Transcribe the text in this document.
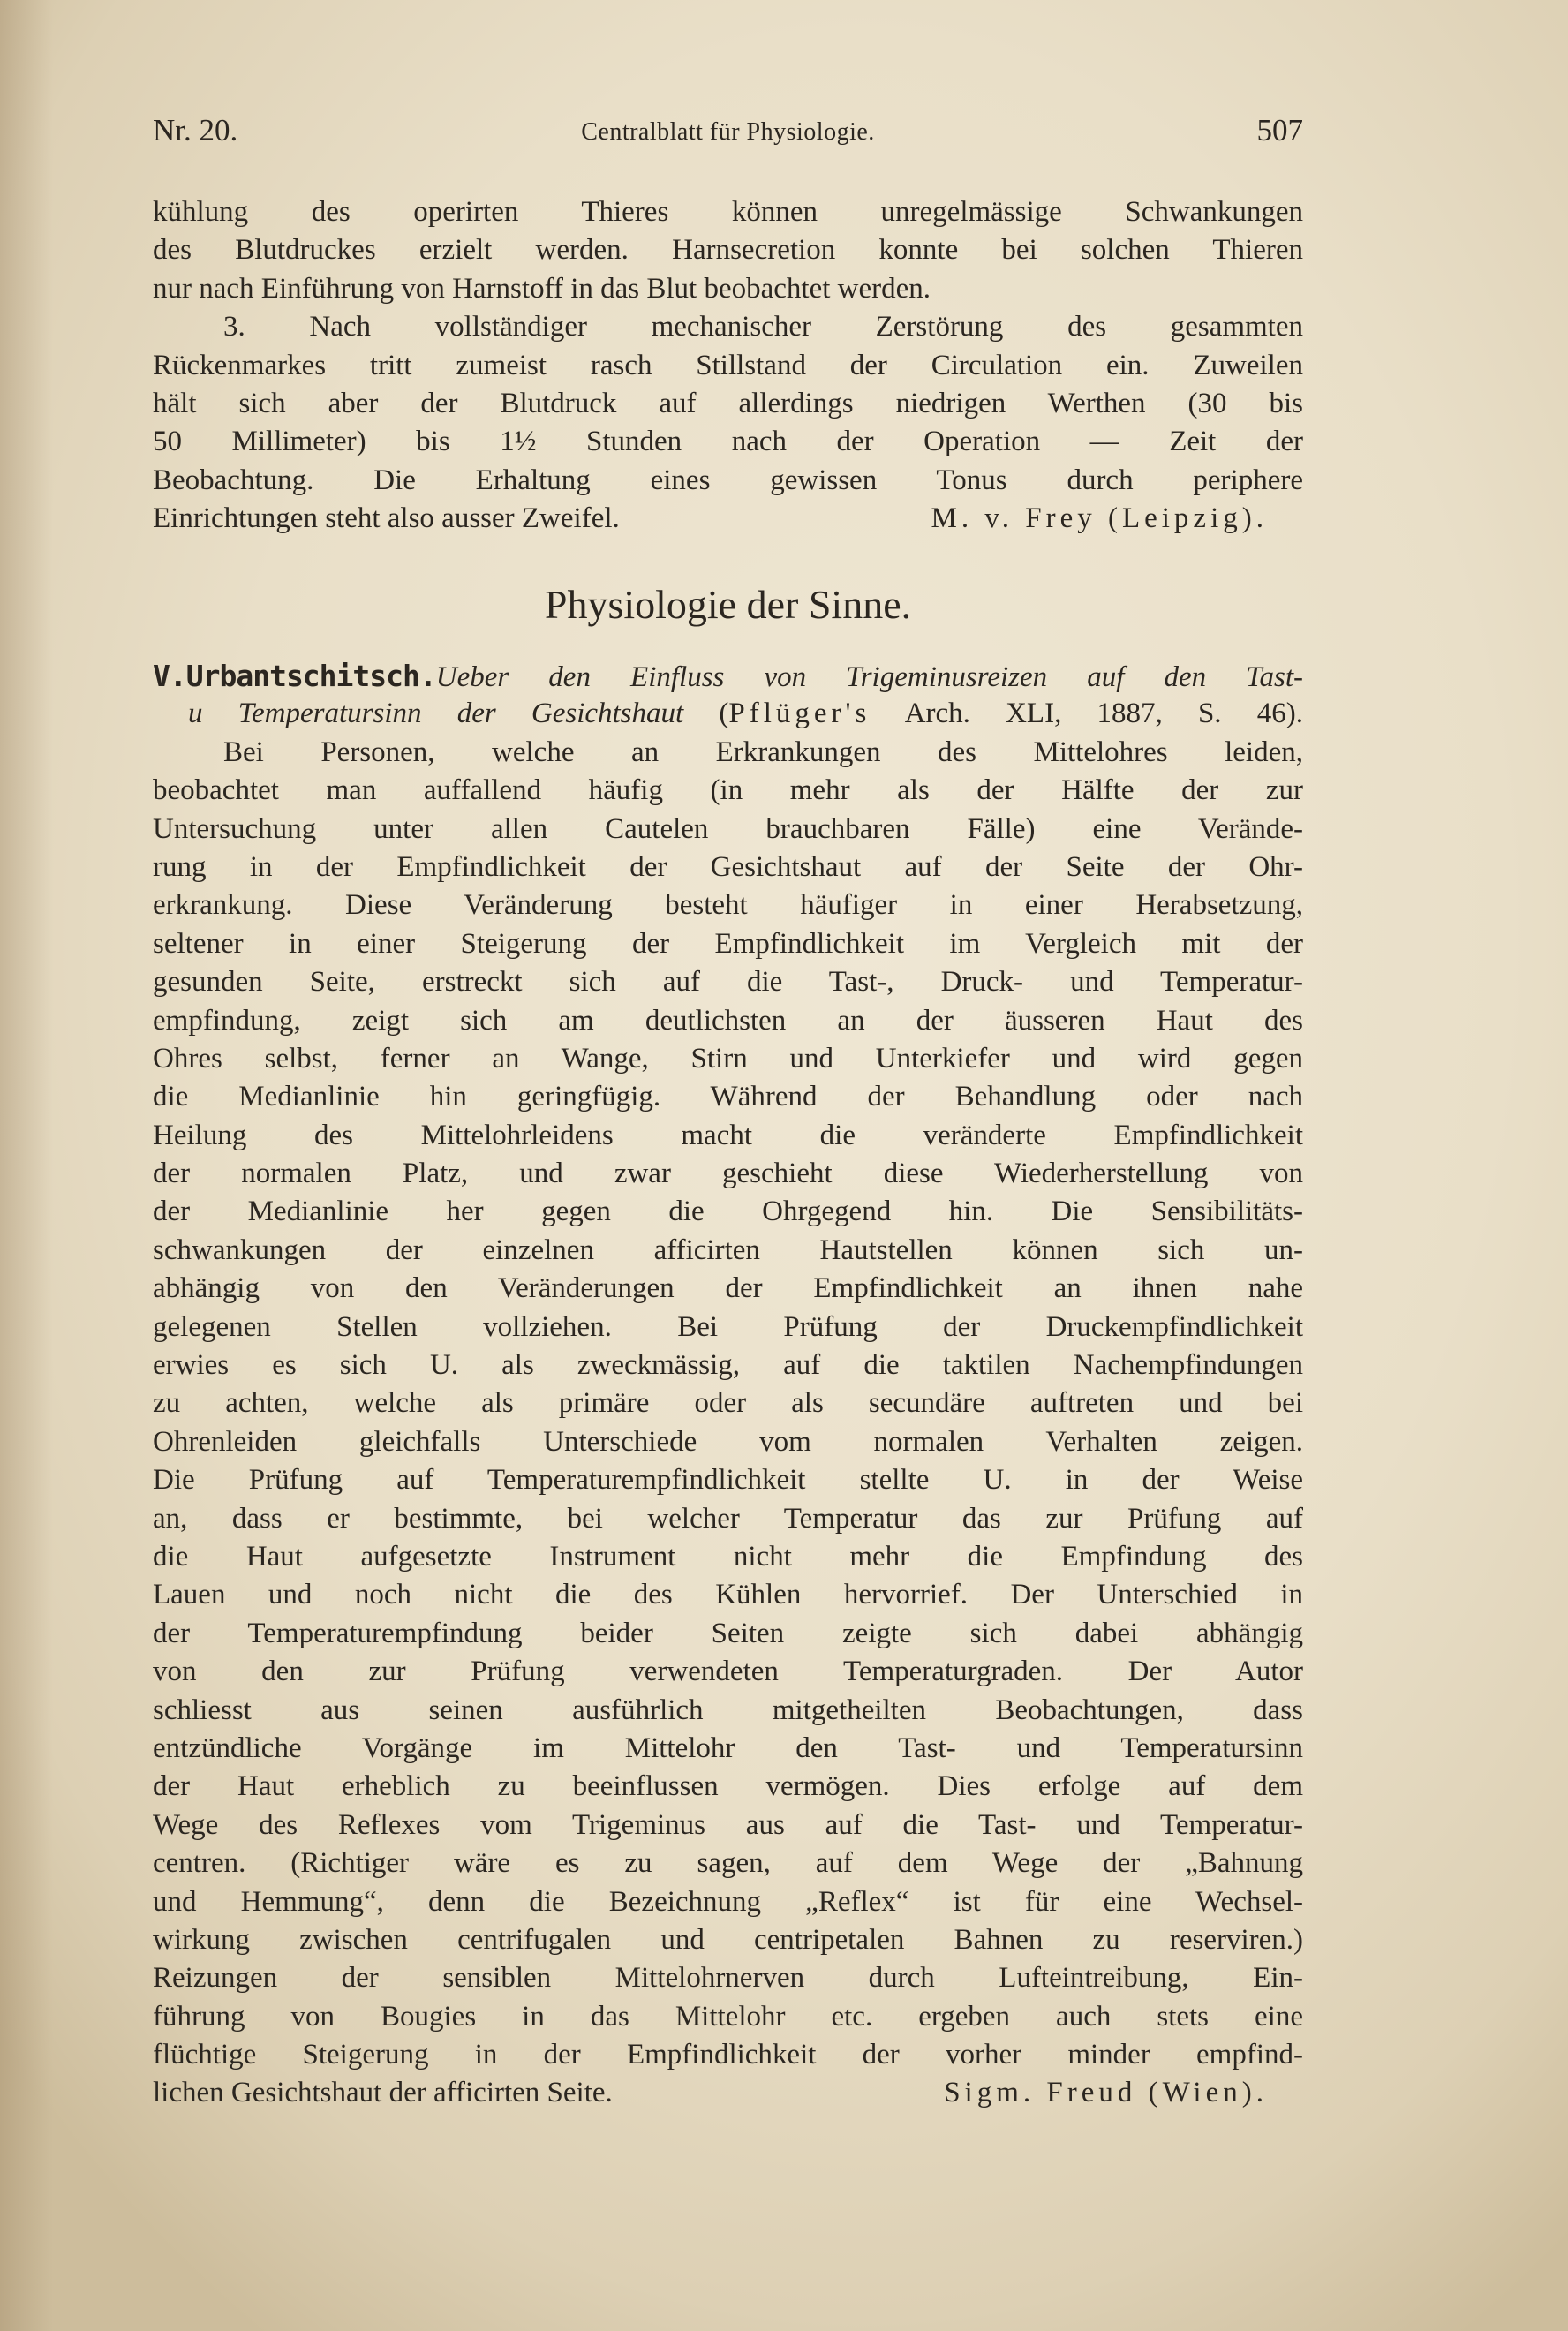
Nr. 20.	Centralblatt für Physiologie.	507
kühlung des operirten Thieres können unregelmässige Schwankungen
des Blutdruckes erzielt werden. Harnsecretion konnte bei solchen Thieren
nur nach Einführung von Harnstoff in das Blut beobachtet werden.
3. Nach vollständiger mechanischer Zerstörung des gesammten
Rückenmarkes tritt zumeist rasch Stillstand der Circulation ein. Zuweilen
hält sich aber der Blutdruck auf allerdings niedrigen Werthen (30 bis
50 Millimeter) bis 1½ Stunden nach der Operation — Zeit der
Beobachtung. Die Erhaltung eines gewissen Tonus durch periphere
Einrichtungen steht also ausser Zweifel.	M. v. Frey (Leipzig).
Physiologie der Sinne.
V.Urbantschitsch.Ueber den Einfluss von Trigeminusreizen auf den Tast-
u Temperatursinn der Gesichtshaut (Pflüger's Arch. XLI, 1887, S. 46).
Bei Personen, welche an Erkrankungen des Mittelohres leiden,
beobachtet man auffallend häufig (in mehr als der Hälfte der zur
Untersuchung unter allen Cautelen brauchbaren Fälle) eine Verände-
rung in der Empfindlichkeit der Gesichtshaut auf der Seite der Ohr-
erkrankung. Diese Veränderung besteht häufiger in einer Herabsetzung,
seltener in einer Steigerung der Empfindlichkeit im Vergleich mit der
gesunden Seite, erstreckt sich auf die Tast-, Druck- und Temperatur-
empfindung, zeigt sich am deutlichsten an der äusseren Haut des
Ohres selbst, ferner an Wange, Stirn und Unterkiefer und wird gegen
die Medianlinie hin geringfügig. Während der Behandlung oder nach
Heilung des Mittelohrleidens macht die veränderte Empfindlichkeit
der normalen Platz, und zwar geschieht diese Wiederherstellung von
der Medianlinie her gegen die Ohrgegend hin. Die Sensibilitäts-
schwankungen der einzelnen afficirten Hautstellen können sich un-
abhängig von den Veränderungen der Empfindlichkeit an ihnen nahe
gelegenen Stellen vollziehen. Bei Prüfung der Druckempfindlichkeit
erwies es sich U. als zweckmässig, auf die taktilen Nachempfindungen
zu achten, welche als primäre oder als secundäre auftreten und bei
Ohrenleiden gleichfalls Unterschiede vom normalen Verhalten zeigen.
Die Prüfung auf Temperaturempfindlichkeit stellte U. in der Weise
an, dass er bestimmte, bei welcher Temperatur das zur Prüfung auf
die Haut aufgesetzte Instrument nicht mehr die Empfindung des
Lauen und noch nicht die des Kühlen hervorrief. Der Unterschied in
der Temperaturempfindung beider Seiten zeigte sich dabei abhängig
von den zur Prüfung verwendeten Temperaturgraden. Der Autor
schliesst aus seinen ausführlich mitgetheilten Beobachtungen, dass
entzündliche Vorgänge im Mittelohr den Tast- und Temperatursinn
der Haut erheblich zu beeinflussen vermögen. Dies erfolge auf dem
Wege des Reflexes vom Trigeminus aus auf die Tast- und Temperatur-
centren. (Richtiger wäre es zu sagen, auf dem Wege der „Bahnung
und Hemmung“, denn die Bezeichnung „Reflex“ ist für eine Wechsel-
wirkung zwischen centrifugalen und centripetalen Bahnen zu reserviren.)
Reizungen der sensiblen Mittelohrnerven durch Lufteintreibung, Ein-
führung von Bougies in das Mittelohr etc. ergeben auch stets eine
flüchtige Steigerung in der Empfindlichkeit der vorher minder empfind-
lichen Gesichtshaut der afficirten Seite.	Sigm. Freud (Wien).
